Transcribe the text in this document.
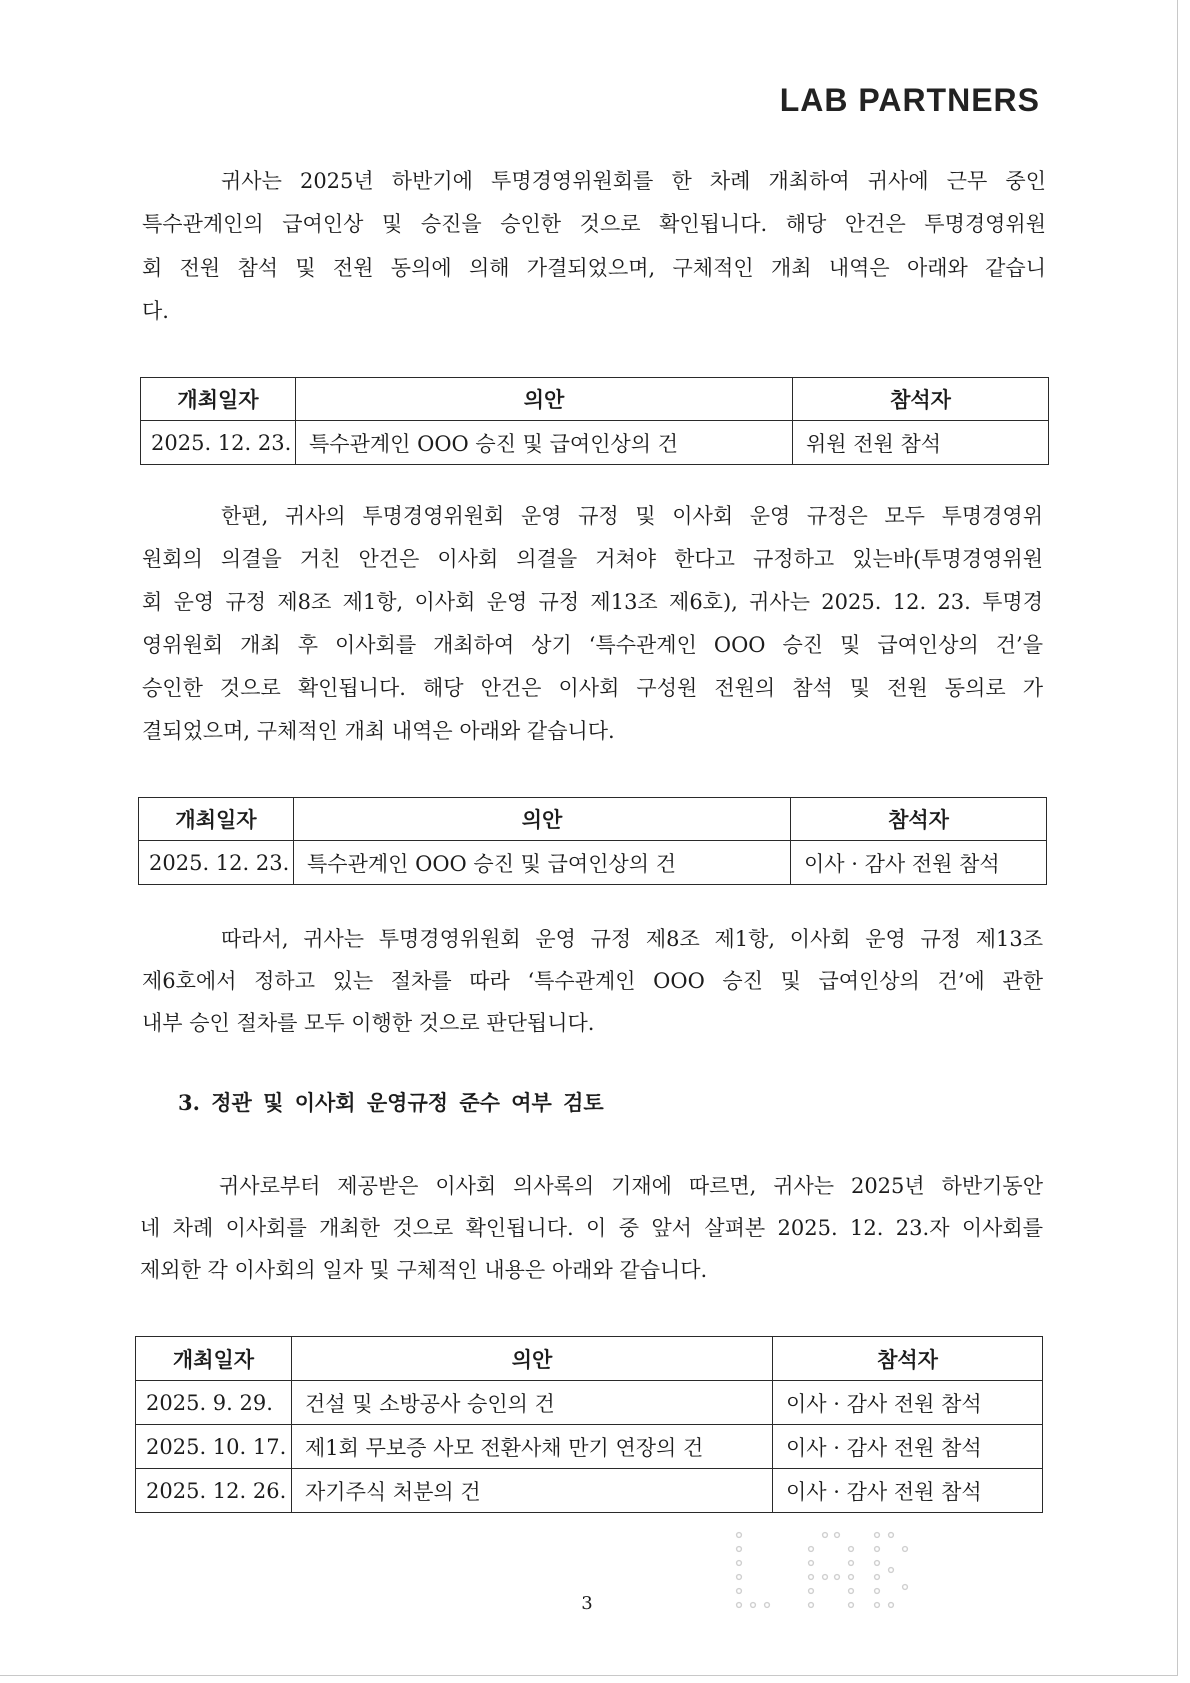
LAB PARTNERS
귀사는 2025년 하반기에 투명경영위원회를 한 차례 개최하여 귀사에 근무 중인
특수관계인의 급여인상 및 승진을 승인한 것으로 확인됩니다. 해당 안건은 투명경영위원
회 전원 참석 및 전원 동의에 의해 가결되었으며, 구체적인 개최 내역은 아래와 같습니
다.
개최일자	의안	참석자
2025. 12. 23.	특수관계인 OOO 승진 및 급여인상의 건	위원 전원 참석
한편, 귀사의 투명경영위원회 운영 규정 및 이사회 운영 규정은 모두 투명경영위
원회의 의결을 거친 안건은 이사회 의결을 거쳐야 한다고 규정하고 있는바(투명경영위원
회 운영 규정 제8조 제1항, 이사회 운영 규정 제13조 제6호), 귀사는 2025. 12. 23. 투명경
영위원회 개최 후 이사회를 개최하여 상기 ‘특수관계인 OOO 승진 및 급여인상의 건’을
승인한 것으로 확인됩니다. 해당 안건은 이사회 구성원 전원의 참석 및 전원 동의로 가
결되었으며, 구체적인 개최 내역은 아래와 같습니다.
개최일자	의안	참석자
2025. 12. 23.	특수관계인 OOO 승진 및 급여인상의 건	이사 · 감사 전원 참석
따라서, 귀사는 투명경영위원회 운영 규정 제8조 제1항, 이사회 운영 규정 제13조
제6호에서 정하고 있는 절차를 따라 ‘특수관계인 OOO 승진 및 급여인상의 건’에 관한
내부 승인 절차를 모두 이행한 것으로 판단됩니다.
3. 정관 및 이사회 운영규정 준수 여부 검토
귀사로부터 제공받은 이사회 의사록의 기재에 따르면, 귀사는 2025년 하반기동안
네 차례 이사회를 개최한 것으로 확인됩니다. 이 중 앞서 살펴본 2025. 12. 23.자 이사회를
제외한 각 이사회의 일자 및 구체적인 내용은 아래와 같습니다.
개최일자	의안	참석자
2025. 9. 29.	건설 및 소방공사 승인의 건	이사 · 감사 전원 참석
2025. 10. 17.	제1회 무보증 사모 전환사채 만기 연장의 건	이사 · 감사 전원 참석
2025. 12. 26.	자기주식 처분의 건	이사 · 감사 전원 참석
3
